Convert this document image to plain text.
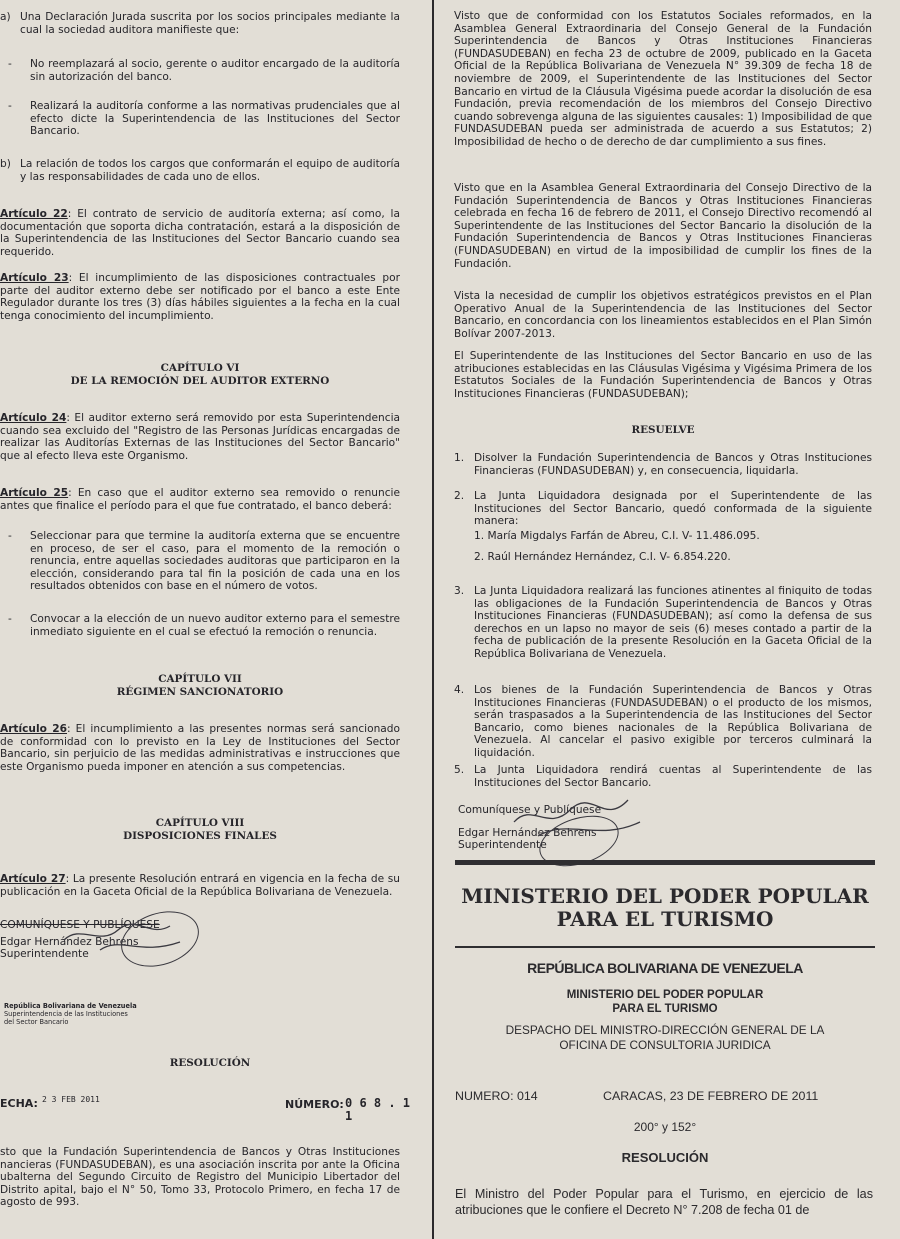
a) Una Declaración Jurada suscrita por los socios principales mediante la cual la sociedad auditora manifieste que:
-	No reemplazará al socio, gerente o auditor encargado de la auditoría sin autorización del banco.
-	Realizará la auditoría conforme a las normativas prudenciales que al efecto dicte la Superintendencia de las Instituciones del Sector Bancario.
b) La relación de todos los cargos que conformarán el equipo de auditoría y las responsabilidades de cada uno de ellos.

Artículo 22: El contrato de servicio de auditoría externa; así como, la documentación que soporta dicha contratación, estará a la disposición de la Superintendencia de las Instituciones del Sector Bancario cuando sea requerido.

Artículo 23: El incumplimiento de las disposiciones contractuales por parte del auditor externo debe ser notificado por el banco a este Ente Regulador durante los tres (3) días hábiles siguientes a la fecha en la cual tenga conocimiento del incumplimiento.

CAPÍTULO VI
DE LA REMOCIÓN DEL AUDITOR EXTERNO

Artículo 24: El auditor externo será removido por esta Superintendencia cuando sea excluido del "Registro de las Personas Jurídicas encargadas de realizar las Auditorías Externas de las Instituciones del Sector Bancario" que al efecto lleva este Organismo.

Artículo 25: En caso que el auditor externo sea removido o renuncie antes que finalice el período para el que fue contratado, el banco deberá:

-	Seleccionar para que termine la auditoría externa que se encuentre en proceso, de ser el caso, para el momento de la remoción o renuncia, entre aquellas sociedades auditoras que participaron en la elección, considerando para tal fin la posición de cada una en los resultados obtenidos con base en el número de votos.
-	Convocar a la elección de un nuevo auditor externo para el semestre inmediato siguiente en el cual se efectuó la remoción o renuncia.
CAPÍTULO VII
RÉGIMEN SANCIONATORIO

Artículo 26: El incumplimiento a las presentes normas será sancionado de conformidad con lo previsto en la Ley de Instituciones del Sector Bancario, sin perjuicio de las medidas administrativas e instrucciones que este Organismo pueda imponer en atención a sus competencias.

CAPÍTULO VIII
DISPOSICIONES FINALES

Artículo 27: La presente Resolución entrará en vigencia en la fecha de su publicación en la Gaceta Oficial de la República Bolivariana de Venezuela.

COMUNÍQUESE Y PUBLÍQUESE
Edgar Hernández Behrens
Superintendente
República Bolivariana de Venezuela
Superintendencia de las Instituciones
del Sector Bancario
RESOLUCIÓN
ECHA: 2 3 FEB 2011	NÚMERO: 0 6 8 . 1 1

sto que la Fundación Superintendencia de Bancos y Otras Instituciones nancieras (FUNDASUDEBAN), es una asociación inscrita por ante la Oficina ubalterna del Segundo Circuito de Registro del Municipio Libertador del Distrito apital, bajo el N° 50, Tomo 33, Protocolo Primero, en fecha 17 de agosto de 993.

Visto que de conformidad con los Estatutos Sociales reformados, en la Asamblea General Extraordinaria del Consejo General de la Fundación Superintendencia de Bancos y Otras Instituciones Financieras (FUNDASUDEBAN) en fecha 23 de octubre de 2009, publicado en la Gaceta Oficial de la República Bolivariana de Venezuela N° 39.309 de fecha 18 de noviembre de 2009, el Superintendente de las Instituciones del Sector Bancario en virtud de la Cláusula Vigésima puede acordar la disolución de esa Fundación, previa recomendación de los miembros del Consejo Directivo cuando sobrevenga alguna de las siguientes causales: 1) Imposibilidad de que FUNDASUDEBAN pueda ser administrada de acuerdo a sus Estatutos; 2) Imposibilidad de hecho o de derecho de dar cumplimiento a sus fines.

Visto que en la Asamblea General Extraordinaria del Consejo Directivo de la Fundación Superintendencia de Bancos y Otras Instituciones Financieras celebrada en fecha 16 de febrero de 2011, el Consejo Directivo recomendó al Superintendente de las Instituciones del Sector Bancario la disolución de la Fundación Superintendencia de Bancos y Otras Instituciones Financieras (FUNDASUDEBAN) en virtud de la imposibilidad de cumplir los fines de la Fundación.

Vista la necesidad de cumplir los objetivos estratégicos previstos en el Plan Operativo Anual de la Superintendencia de las Instituciones del Sector Bancario, en concordancia con los lineamientos establecidos en el Plan Simón Bolívar 2007-2013.

El Superintendente de las Instituciones del Sector Bancario en uso de las atribuciones establecidas en las Cláusulas Vigésima y Vigésima Primera de los Estatutos Sociales de la Fundación Superintendencia de Bancos y Otras Instituciones Financieras (FUNDASUDEBAN);

RESUELVE
1. Disolver la Fundación Superintendencia de Bancos y Otras Instituciones Financieras (FUNDASUDEBAN) y, en consecuencia, liquidarla.
2. La Junta Liquidadora designada por el Superintendente de las Instituciones del Sector Bancario, quedó conformada de la siguiente manera:
1. María Migdalys Farfán de Abreu, C.I. V- 11.486.095.
2. Raúl Hernández Hernández, C.I. V- 6.854.220.
3. La Junta Liquidadora realizará las funciones atinentes al finiquito de todas las obligaciones de la Fundación Superintendencia de Bancos y Otras Instituciones Financieras (FUNDASUDEBAN); así como la defensa de sus derechos en un lapso no mayor de seis (6) meses contado a partir de la fecha de publicación de la presente Resolución en la Gaceta Oficial de la República Bolivariana de Venezuela.
4. Los bienes de la Fundación Superintendencia de Bancos y Otras Instituciones Financieras (FUNDASUDEBAN) o el producto de los mismos, serán traspasados a la Superintendencia de las Instituciones del Sector Bancario, como bienes nacionales de la República Bolivariana de Venezuela. Al cancelar el pasivo exigible por terceros culminará la liquidación.
5. La Junta Liquidadora rendirá cuentas al Superintendente de las Instituciones del Sector Bancario.
Comuníquese y Publíquese
Edgar Hernández Behrens
Superintendente
MINISTERIO DEL PODER POPULAR
PARA EL TURISMO
REPÚBLICA BOLIVARIANA DE VENEZUELA
MINISTERIO DEL PODER POPULAR
PARA EL TURISMO
DESPACHO DEL MINISTRO-DIRECCIÓN GENERAL DE LA
OFICINA DE CONSULTORIA JURIDICA
NUMERO: 014	CARACAS, 23 DE FEBRERO DE 2011
200° y 152°
RESOLUCIÓN

El Ministro del Poder Popular para el Turismo, en ejercicio de las atribuciones que le confiere el Decreto N° 7.208 de fecha 01 de
